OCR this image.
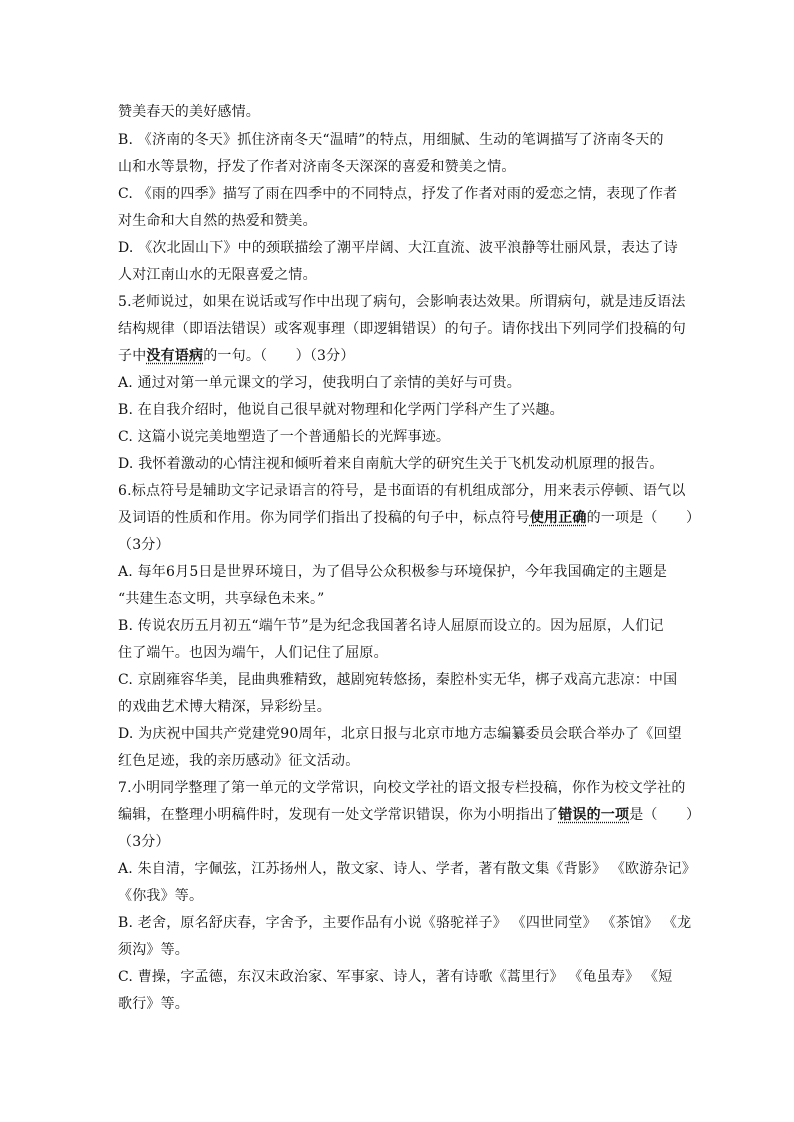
赞美春天的美好感情。
B. 《济南的冬天》抓住济南冬天“温晴”的特点，用细腻、生动的笔调描写了济南冬天的
山和水等景物，抒发了作者对济南冬天深深的喜爱和赞美之情。
C. 《雨的四季》描写了雨在四季中的不同特点，抒发了作者对雨的爱恋之情，表现了作者
对生命和大自然的热爱和赞美。
D. 《次北固山下》中的颈联描绘了潮平岸阔、大江直流、波平浪静等壮丽风景，表达了诗
人对江南山水的无限喜爱之情。
5.老师说过，如果在说话或写作中出现了病句，会影响表达效果。所谓病句，就是违反语法
结构规律（即语法错误）或客观事理（即逻辑错误）的句子。请你找出下列同学们投稿的句
子中没有语病的一句。（　　）（3分）
A. 通过对第一单元课文的学习，使我明白了亲情的美好与可贵。
B. 在自我介绍时，他说自己很早就对物理和化学两门学科产生了兴趣。
C. 这篇小说完美地塑造了一个普通船长的光辉事迹。
D. 我怀着激动的心情注视和倾听着来自南航大学的研究生关于飞机发动机原理的报告。
6.标点符号是辅助文字记录语言的符号，是书面语的有机组成部分，用来表示停顿、语气以
及词语的性质和作用。你为同学们指出了投稿的句子中，标点符号使用正确的一项是（　　）
（3分）
A. 每年6月5日是世界环境日，为了倡导公众积极参与环境保护，今年我国确定的主题是
“共建生态文明，共享绿色未来。”
B. 传说农历五月初五“端午节”是为纪念我国著名诗人屈原而设立的。因为屈原，人们记
住了端午。也因为端午，人们记住了屈原。
C. 京剧雍容华美，昆曲典雅精致，越剧宛转悠扬，秦腔朴实无华，梆子戏高亢悲凉：中国
的戏曲艺术博大精深，异彩纷呈。
D. 为庆祝中国共产党建党90周年，北京日报与北京市地方志编纂委员会联合举办了《回望
红色足迹，我的亲历感动》征文活动。
7.小明同学整理了第一单元的文学常识，向校文学社的语文报专栏投稿，你作为校文学社的
编辑，在整理小明稿件时，发现有一处文学常识错误，你为小明指出了错误的一项是（　　）
（3分）
A. 朱自清，字佩弦，江苏扬州人，散文家、诗人、学者，著有散文集《背影》 《欧游杂记》
《你我》等。
B. 老舍，原名舒庆春，字舍予，主要作品有小说《骆驼祥子》 《四世同堂》 《茶馆》 《龙
须沟》等。
C. 曹操，字孟德，东汉末政治家、军事家、诗人，著有诗歌《蒿里行》 《龟虽寿》 《短
歌行》等。
